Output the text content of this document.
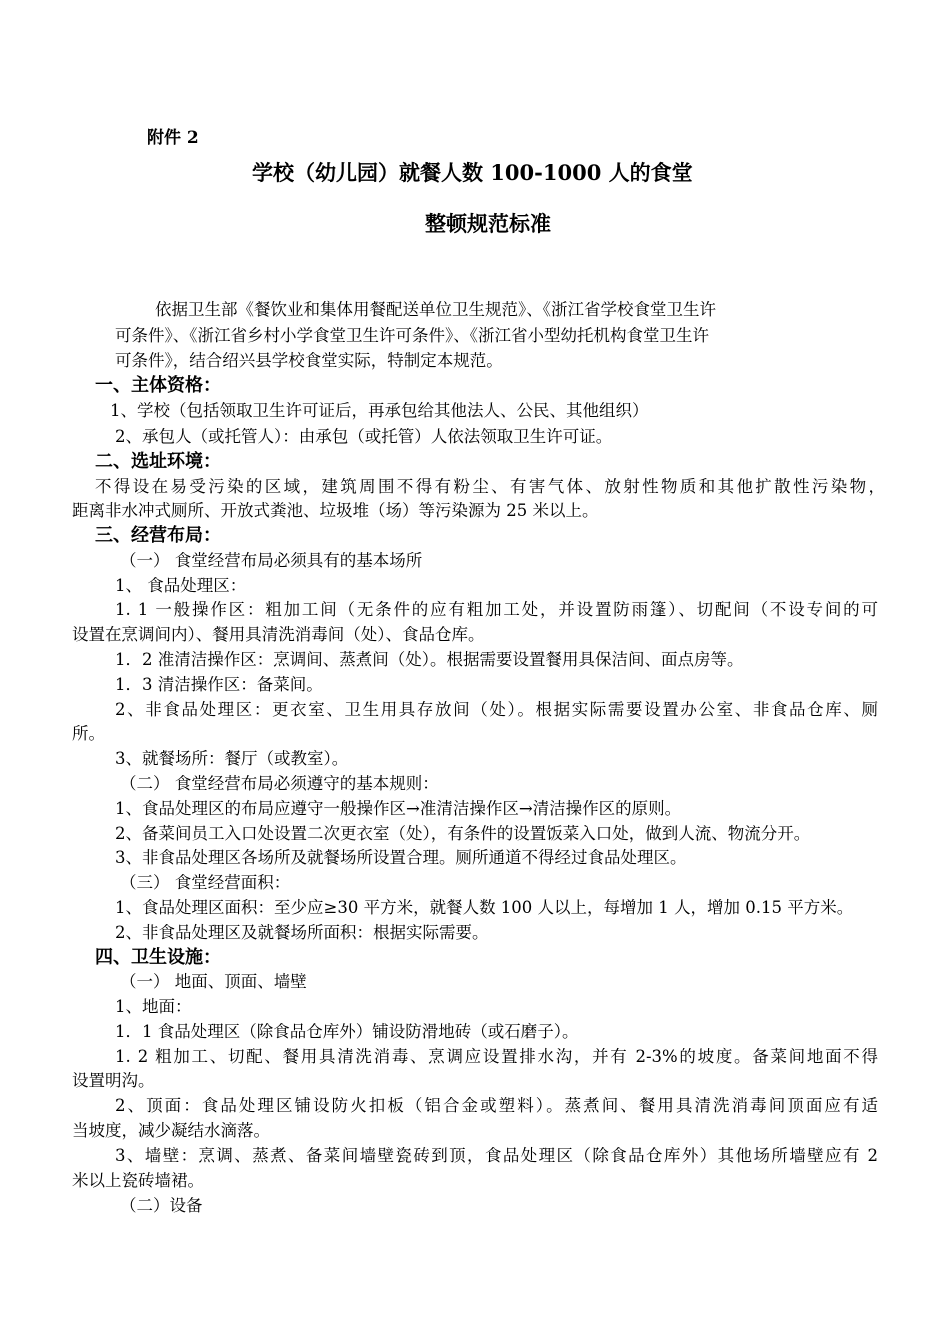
附件 2
学校（幼儿园）就餐人数 100-1000 人的食堂
整顿规范标准
依据卫生部《餐饮业和集体用餐配送单位卫生规范》、《浙江省学校食堂卫生许
可条件》、《浙江省乡村小学食堂卫生许可条件》、《浙江省小型幼托机构食堂卫生许
可条件》，结合绍兴县学校食堂实际，特制定本规范。
一、主体资格：
1、学校（包括领取卫生许可证后，再承包给其他法人、公民、其他组织）
2、承包人（或托管人）：由承包（或托管）人依法领取卫生许可证。
二、选址环境：
不得设在易受污染的区域，建筑周围不得有粉尘、有害气体、放射性物质和其他扩散性污染物，
距离非水冲式厕所、开放式粪池、垃圾堆（场）等污染源为 25 米以上。
三、经营布局：
（一） 食堂经营布局必须具有的基本场所
1、 食品处理区：
1. 1 一般操作区：粗加工间（无条件的应有粗加工处，并设置防雨篷）、切配间（不设专间的可
设置在烹调间内）、餐用具清洗消毒间（处）、食品仓库。
1．2 准清洁操作区：烹调间、蒸煮间（处）。根据需要设置餐用具保洁间、面点房等。
1．3 清洁操作区：备菜间。
2、非食品处理区：更衣室、卫生用具存放间（处）。根据实际需要设置办公室、非食品仓库、厕
所。
3、就餐场所：餐厅（或教室）。
（二） 食堂经营布局必须遵守的基本规则：
1、食品处理区的布局应遵守一般操作区→准清洁操作区→清洁操作区的原则。
2、备菜间员工入口处设置二次更衣室（处），有条件的设置饭菜入口处，做到人流、物流分开。
3、非食品处理区各场所及就餐场所设置合理。厕所通道不得经过食品处理区。
（三） 食堂经营面积：
1、食品处理区面积：至少应≥30 平方米，就餐人数 100 人以上，每增加 1 人，增加 0.15 平方米。
2、非食品处理区及就餐场所面积：根据实际需要。
四、卫生设施：
（一） 地面、顶面、墙壁
1、地面：
1．1 食品处理区（除食品仓库外）铺设防滑地砖（或石磨子）。
1. 2 粗加工、切配、餐用具清洗消毒、烹调应设置排水沟，并有 2-3%的坡度。备菜间地面不得
设置明沟。
2、顶面：食品处理区铺设防火扣板（铝合金或塑料）。蒸煮间、餐用具清洗消毒间顶面应有适
当坡度，减少凝结水滴落。
3、墙壁：烹调、蒸煮、备菜间墙壁瓷砖到顶，食品处理区（除食品仓库外）其他场所墙壁应有 2
米以上瓷砖墙裙。
（二）设备
